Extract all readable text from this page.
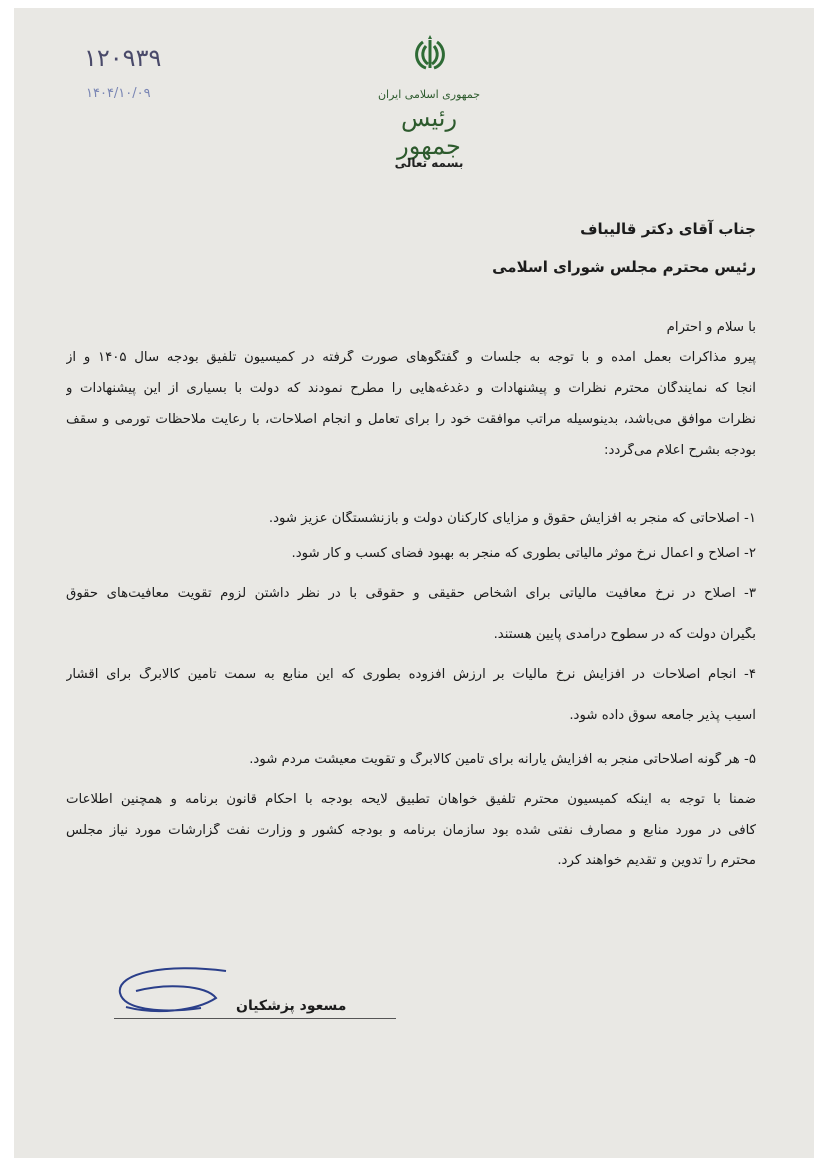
۱۲۰۹۳۹
۱۴۰۴/۱۰/۰۹	جمهوری اسلامی ایران
رئیس جمهور
بسمه تعالی
جناب آقای دکتر قالیباف
رئیس محترم مجلس شورای اسلامی
با سلام و احترام
پیرو مذاکرات بعمل آمده و با توجه به جلسات و گفتگوهای صورت گرفته در کمیسیون تلفیق بودجه سال ۱۴۰۵ و از
آنجا که نمایندگان محترم نظرات و پیشنهادات و دغدغه‌هایی را مطرح نمودند که دولت با بسیاری از این پیشنهادات و
نظرات موافق می‌باشد، بدینوسیله مراتب موافقت خود را برای تعامل و انجام اصلاحات، با رعایت ملاحظات تورمی و سقف
بودجه بشرح اعلام می‌گردد:
۱- اصلاحاتی که منجر به افزایش حقوق و مزایای کارکنان دولت و بازنشستگان عزیز شود.
۲- اصلاح و اعمال نرخ موثر مالیاتی بطوری که منجر به بهبود فضای کسب و کار شود.
۳- اصلاح در نرخ معافیت مالیاتی برای اشخاص حقیقی و حقوقی با در نظر داشتن لزوم تقویت معافیت‌های حقوق
بگیران دولت که در سطوح درآمدی پایین هستند.
۴- انجام اصلاحات در افزایش نرخ مالیات بر ارزش افزوده بطوری که این منابع به سمت تأمین کالابرگ برای اقشار
آسیب پذیر جامعه سوق داده شود.
۵- هر گونه اصلاحاتی منجر به افزایش یارانه برای تامین کالابرگ و تقویت معیشت مردم شود.
ضمناً با توجه به اینکه کمیسیون محترم تلفیق خواهان تطبیق لایحه بودجه با احکام قانون برنامه و همچنین اطلاعات
کافی در مورد منابع و مصارف نفتی شده بود سازمان برنامه و بودجه کشور و وزارت نفت گزارشات مورد نیاز مجلس
محترم را تدوین و تقدیم خواهند کرد.
مسعود پزشکیان
